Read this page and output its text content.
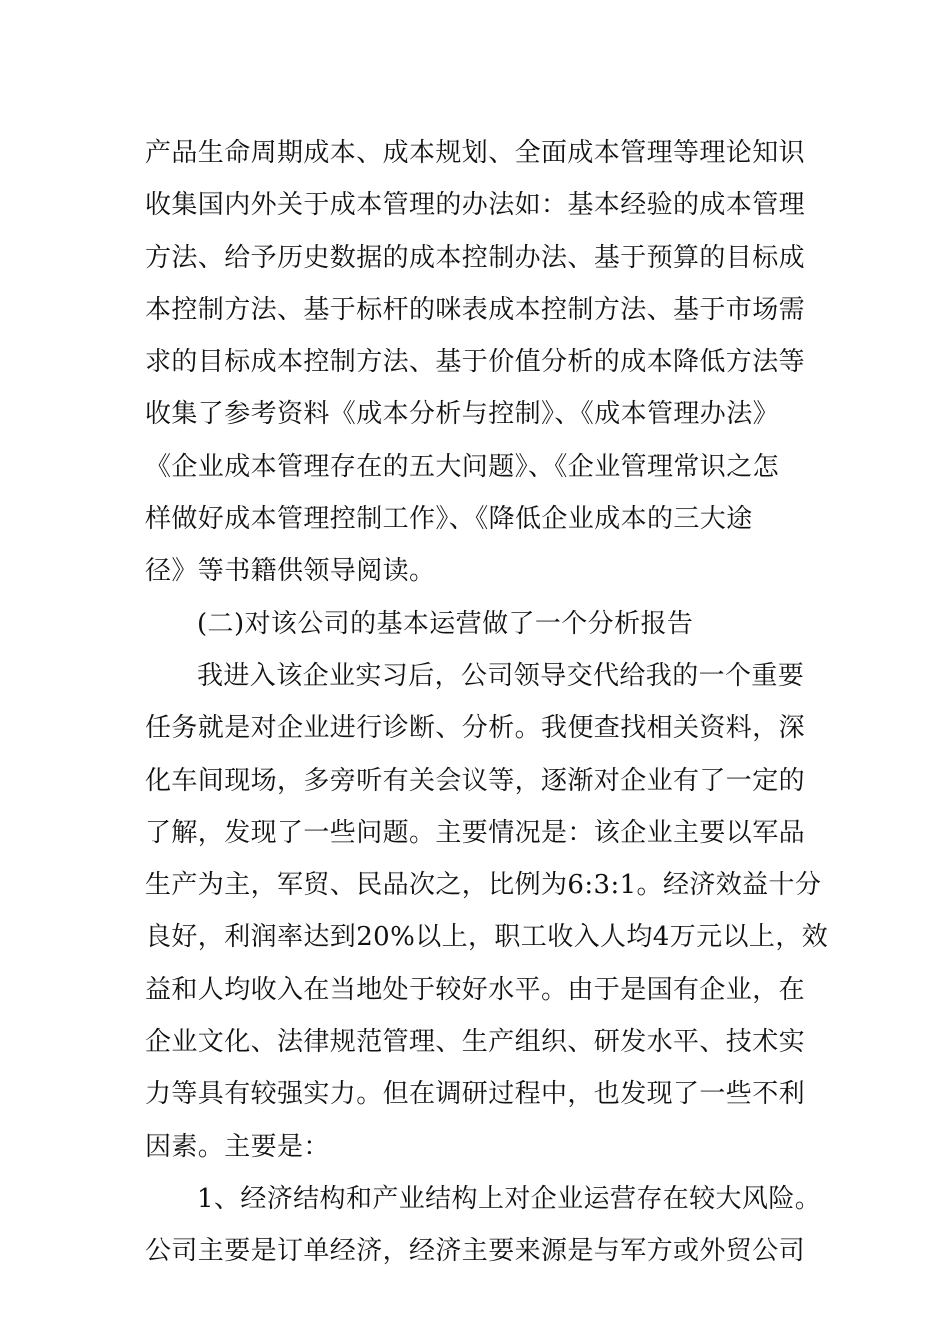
产品生命周期成本、成本规划、全面成本管理等理论知识
收集国内外关于成本管理的办法如：基本经验的成本管理
方法、给予历史数据的成本控制办法、基于预算的目标成
本控制方法、基于标杆的咪表成本控制方法、基于市场需
求的目标成本控制方法、基于价值分析的成本降低方法等
收集了参考资料《成本分析与控制》、《成本管理办法》
《企业成本管理存在的五大问题》、《企业管理常识之怎
样做好成本管理控制工作》、《降低企业成本的三大途
径》等书籍供领导阅读。
(二)对该公司的基本运营做了一个分析报告
我进入该企业实习后，公司领导交代给我的一个重要
任务就是对企业进行诊断、分析。我便查找相关资料，深
化车间现场，多旁听有关会议等，逐渐对企业有了一定的
了解，发现了一些问题。主要情况是：该企业主要以军品
生产为主，军贸、民品次之，比例为6:3:1。经济效益十分
良好，利润率达到20%以上，职工收入人均4万元以上，效
益和人均收入在当地处于较好水平。由于是国有企业，在
企业文化、法律规范管理、生产组织、研发水平、技术实
力等具有较强实力。但在调研过程中，也发现了一些不利
因素。主要是：
1、经济结构和产业结构上对企业运营存在较大风险。
公司主要是订单经济，经济主要来源是与军方或外贸公司
